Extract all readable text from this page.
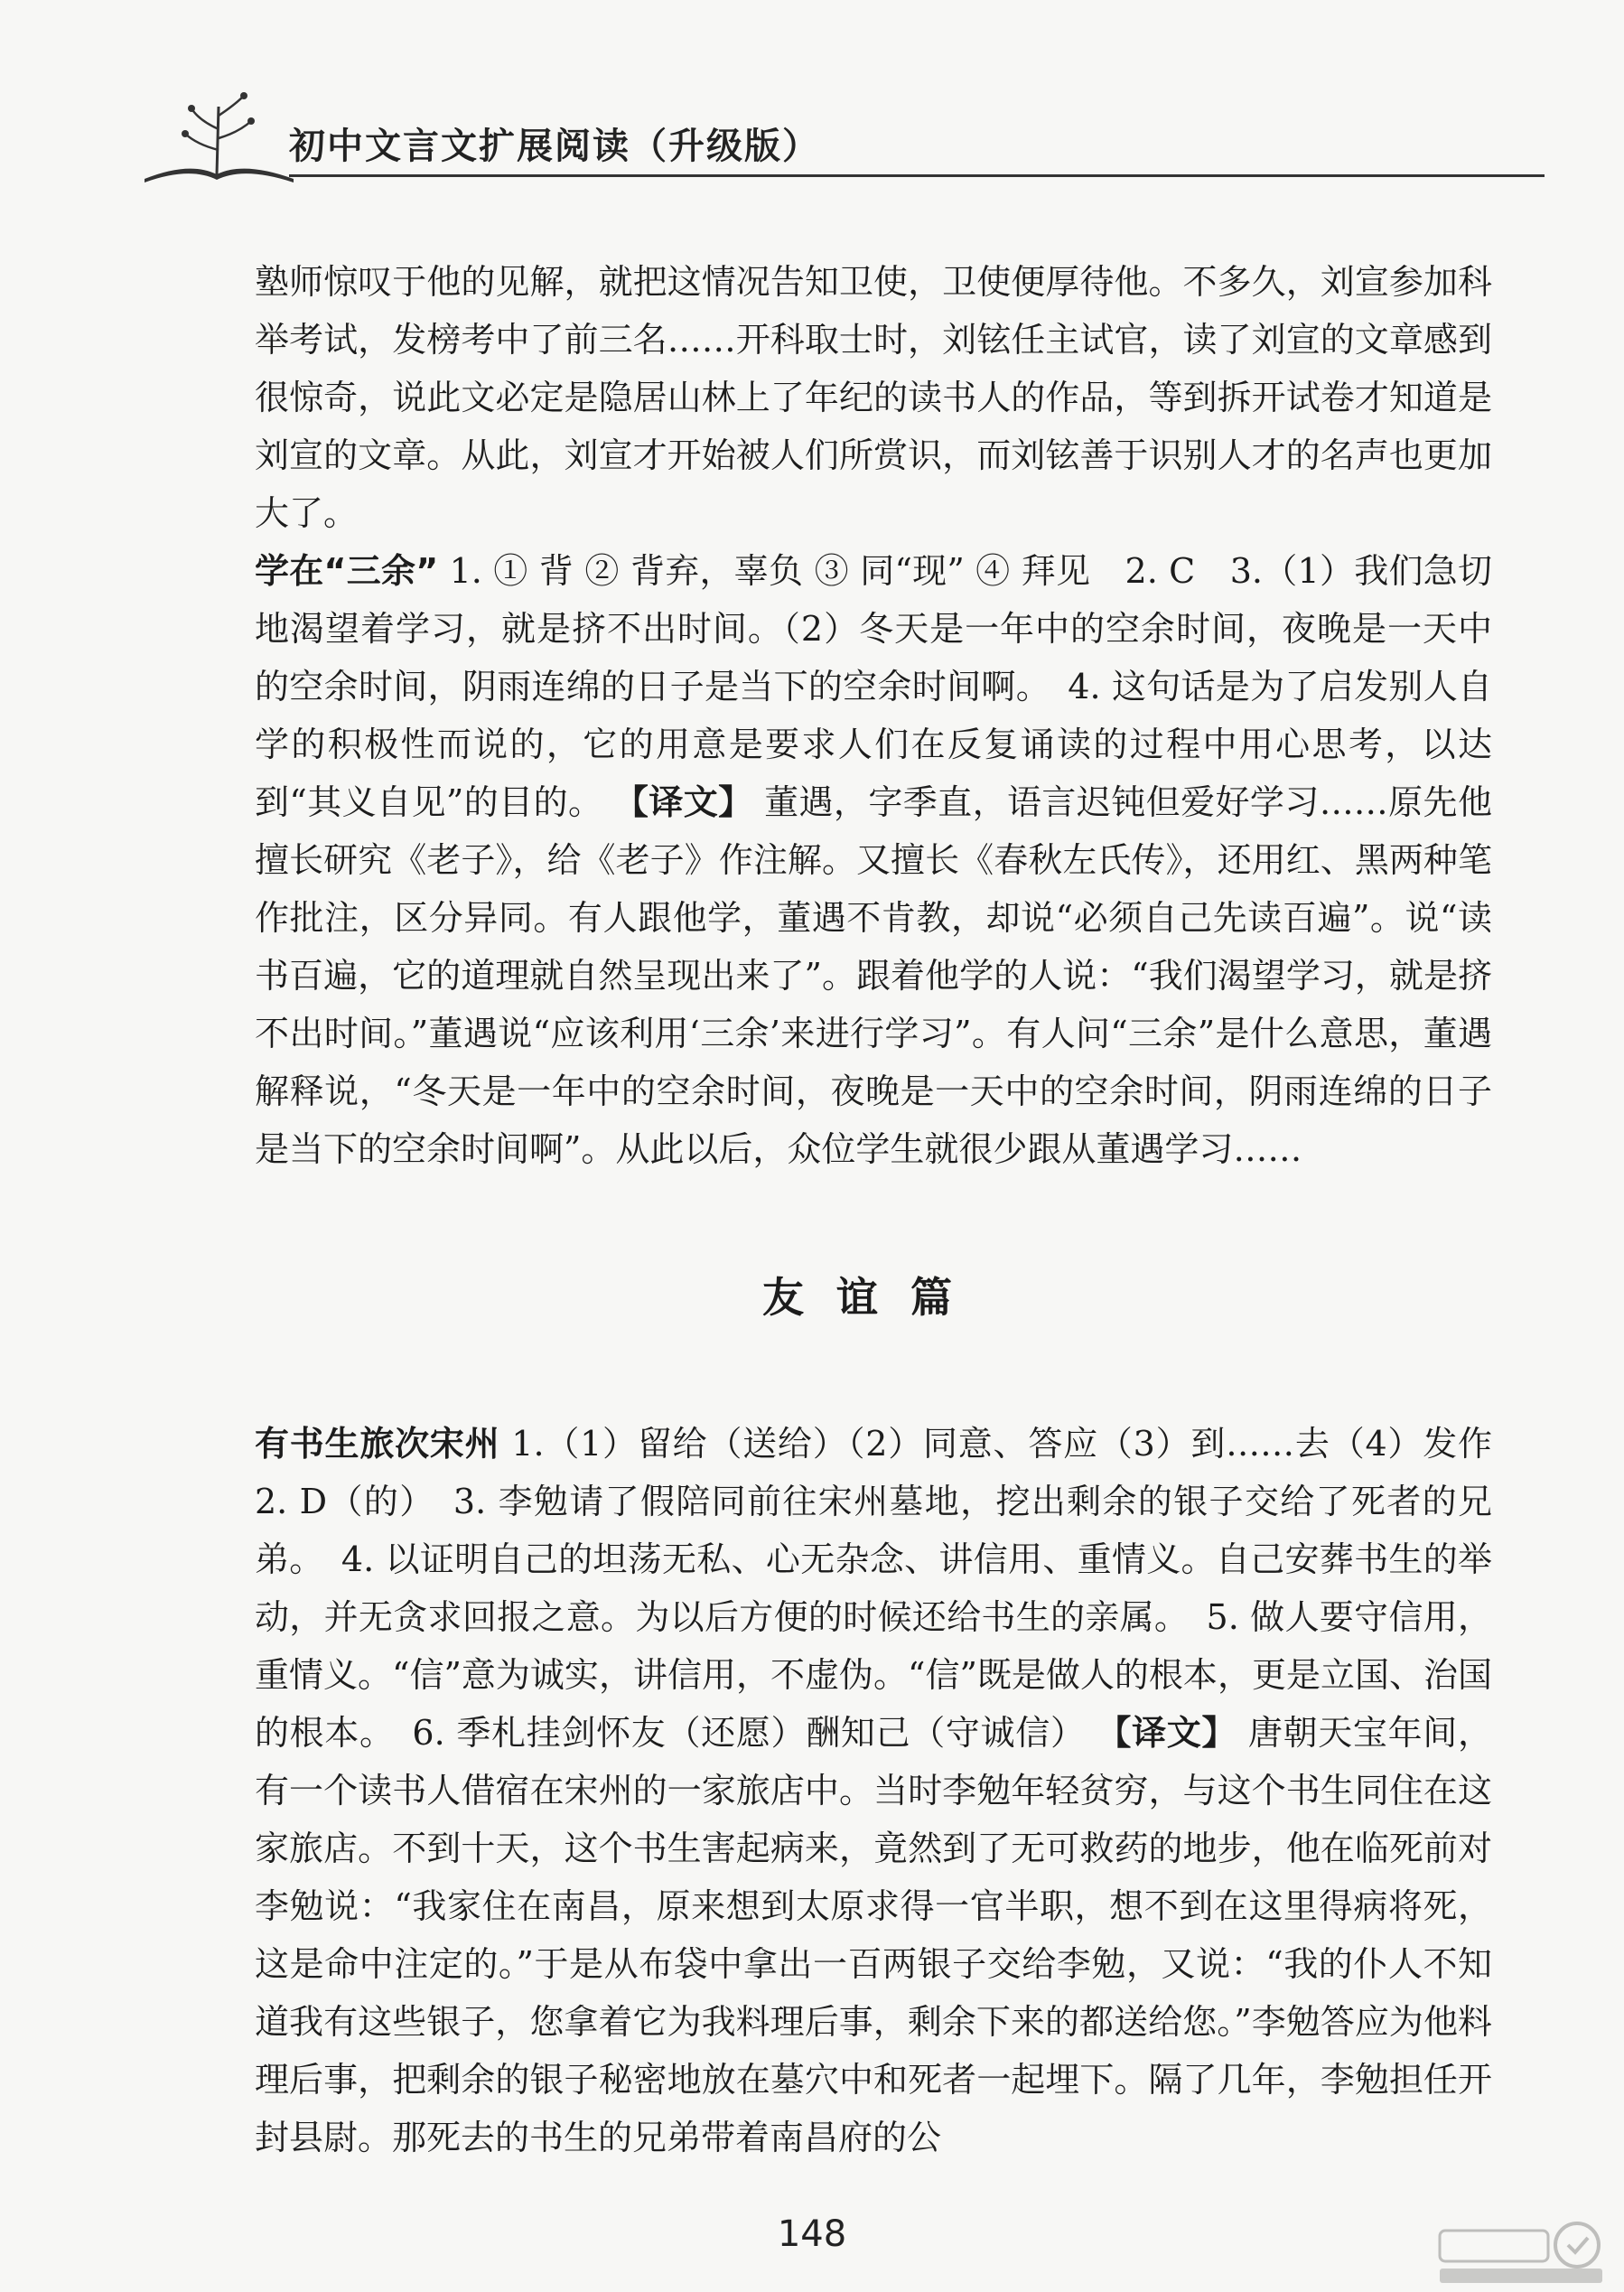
初中文言文扩展阅读（升级版）

塾师惊叹于他的见解，就把这情况告知卫使，卫使便厚待他。不多久，刘宣参加科举考试，发榜考中了前三名……开科取士时，刘铉任主试官，读了刘宣的文章感到很惊奇，说此文必定是隐居山林上了年纪的读书人的作品，等到拆开试卷才知道是刘宣的文章。从此，刘宣才开始被人们所赏识，而刘铉善于识别人才的名声也更加大了。

学在“三余” 1. ① 背 ② 背弃，辜负 ③ 同“现” ④ 拜见　2. C　3.（1）我们急切地渴望着学习，就是挤不出时间。（2）冬天是一年中的空余时间，夜晚是一天中的空余时间，阴雨连绵的日子是当下的空余时间啊。　4. 这句话是为了启发别人自学的积极性而说的，它的用意是要求人们在反复诵读的过程中用心思考，以达到“其义自见”的目的。 【译文】 董遇，字季直，语言迟钝但爱好学习……原先他擅长研究《老子》，给《老子》作注解。又擅长《春秋左氏传》，还用红、黑两种笔作批注，区分异同。有人跟他学，董遇不肯教，却说“必须自己先读百遍”。说“读书百遍，它的道理就自然呈现出来了”。跟着他学的人说：“我们渴望学习，就是挤不出时间。”董遇说“应该利用‘三余’来进行学习”。有人问“三余”是什么意思，董遇解释说，“冬天是一年中的空余时间，夜晚是一天中的空余时间，阴雨连绵的日子是当下的空余时间啊”。从此以后，众位学生就很少跟从董遇学习……

友谊篇

有书生旅次宋州 1.（1）留给（送给）（2）同意、答应（3）到……去（4）发作　2. D（的）　3. 李勉请了假陪同前往宋州墓地，挖出剩余的银子交给了死者的兄弟。　4. 以证明自己的坦荡无私、心无杂念、讲信用、重情义。自己安葬书生的举动，并无贪求回报之意。为以后方便的时候还给书生的亲属。　5. 做人要守信用，重情义。“信”意为诚实，讲信用，不虚伪。“信”既是做人的根本，更是立国、治国的根本。　6. 季札挂剑怀友（还愿）酬知己（守诚信） 【译文】 唐朝天宝年间，有一个读书人借宿在宋州的一家旅店中。当时李勉年轻贫穷，与这个书生同住在这家旅店。不到十天，这个书生害起病来，竟然到了无可救药的地步，他在临死前对李勉说：“我家住在南昌，原来想到太原求得一官半职，想不到在这里得病将死，这是命中注定的。”于是从布袋中拿出一百两银子交给李勉，又说：“我的仆人不知道我有这些银子，您拿着它为我料理后事，剩余下来的都送给您。”李勉答应为他料理后事，把剩余的银子秘密地放在墓穴中和死者一起埋下。隔了几年，李勉担任开封县尉。那死去的书生的兄弟带着南昌府的公

148
